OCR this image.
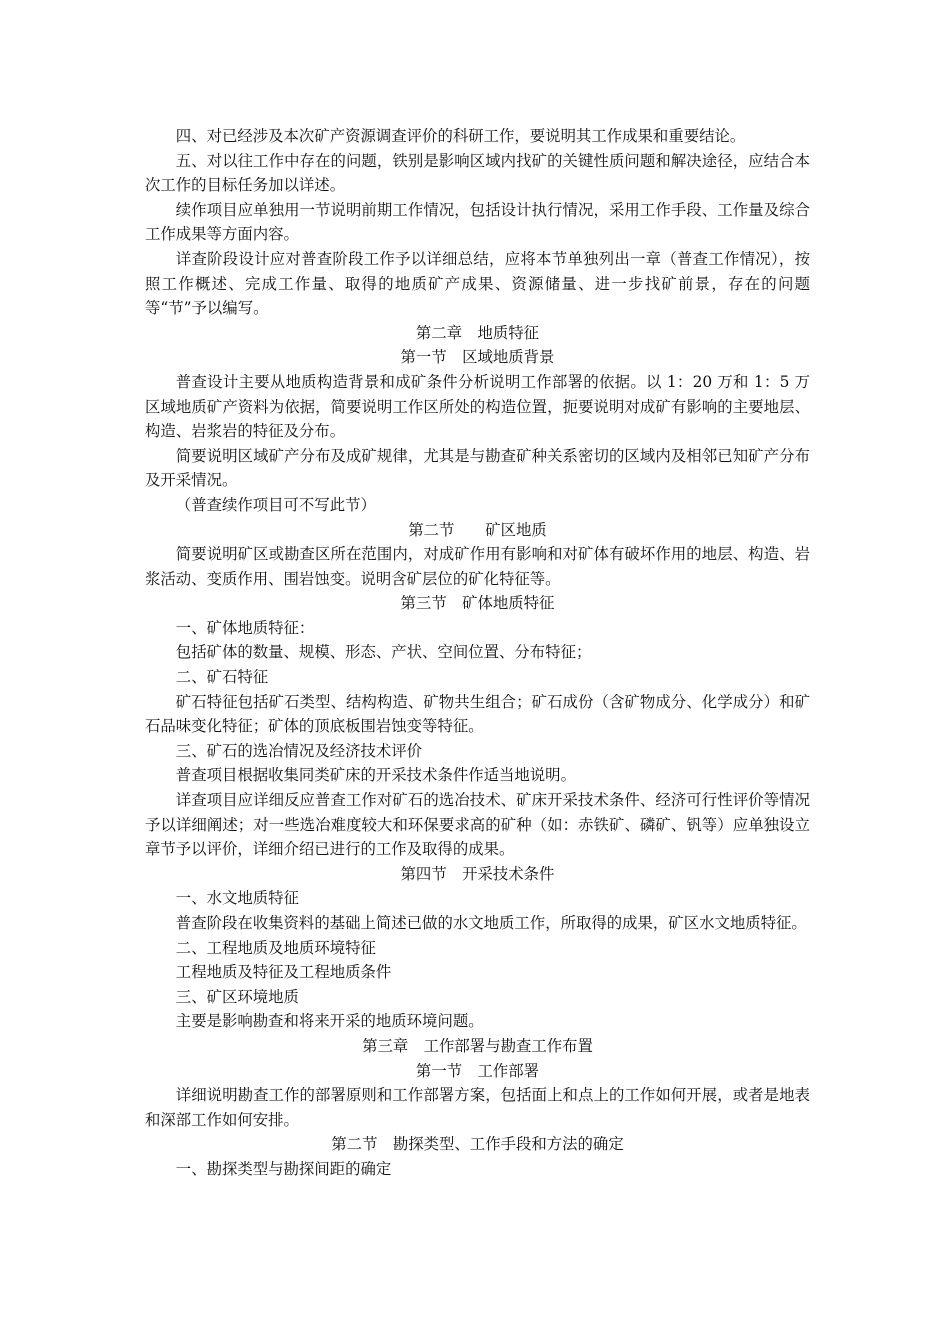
四、对已经涉及本次矿产资源调查评价的科研工作，要说明其工作成果和重要结论。

五、对以往工作中存在的问题，铁别是影响区域内找矿的关键性质问题和解决途径，应结合本次工作的目标任务加以详述。

续作项目应单独用一节说明前期工作情况，包括设计执行情况，采用工作手段、工作量及综合工作成果等方面内容。

详查阶段设计应对普查阶段工作予以详细总结，应将本节单独列出一章（普查工作情况），按照工作概述、完成工作量、取得的地质矿产成果、资源储量、进一步找矿前景，存在的问题等“节”予以编写。

第二章　地质特征

第一节　区域地质背景

普查设计主要从地质构造背景和成矿条件分析说明工作部署的依据。以 1：20 万和 1：5 万区域地质矿产资料为依据，简要说明工作区所处的构造位置，扼要说明对成矿有影响的主要地层、构造、岩浆岩的特征及分布。

简要说明区域矿产分布及成矿规律，尤其是与勘查矿种关系密切的区域内及相邻已知矿产分布及开采情况。

（普查续作项目可不写此节）

第二节　　矿区地质

简要说明矿区或勘查区所在范围内，对成矿作用有影响和对矿体有破坏作用的地层、构造、岩浆活动、变质作用、围岩蚀变。说明含矿层位的矿化特征等。

第三节　矿体地质特征

一、矿体地质特征：

包括矿体的数量、规模、形态、产状、空间位置、分布特征；

二、矿石特征

矿石特征包括矿石类型、结构构造、矿物共生组合；矿石成份（含矿物成分、化学成分）和矿石品味变化特征；矿体的顶底板围岩蚀变等特征。

三、矿石的选冶情况及经济技术评价

普查项目根据收集同类矿床的开采技术条件作适当地说明。

详查项目应详细反应普查工作对矿石的选冶技术、矿床开采技术条件、经济可行性评价等情况予以详细阐述；对一些选冶难度较大和环保要求高的矿种（如：赤铁矿、磷矿、钒等）应单独设立章节予以评价，详细介绍已进行的工作及取得的成果。

第四节　开采技术条件

一、水文地质特征

普查阶段在收集资料的基础上简述已做的水文地质工作，所取得的成果，矿区水文地质特征。

二、工程地质及地质环境特征

工程地质及特征及工程地质条件

三、矿区环境地质

主要是影响勘查和将来开采的地质环境问题。

第三章　工作部署与勘查工作布置

第一节　工作部署

详细说明勘查工作的部署原则和工作部署方案，包括面上和点上的工作如何开展，或者是地表和深部工作如何安排。

第二节　勘探类型、工作手段和方法的确定

一、勘探类型与勘探间距的确定
